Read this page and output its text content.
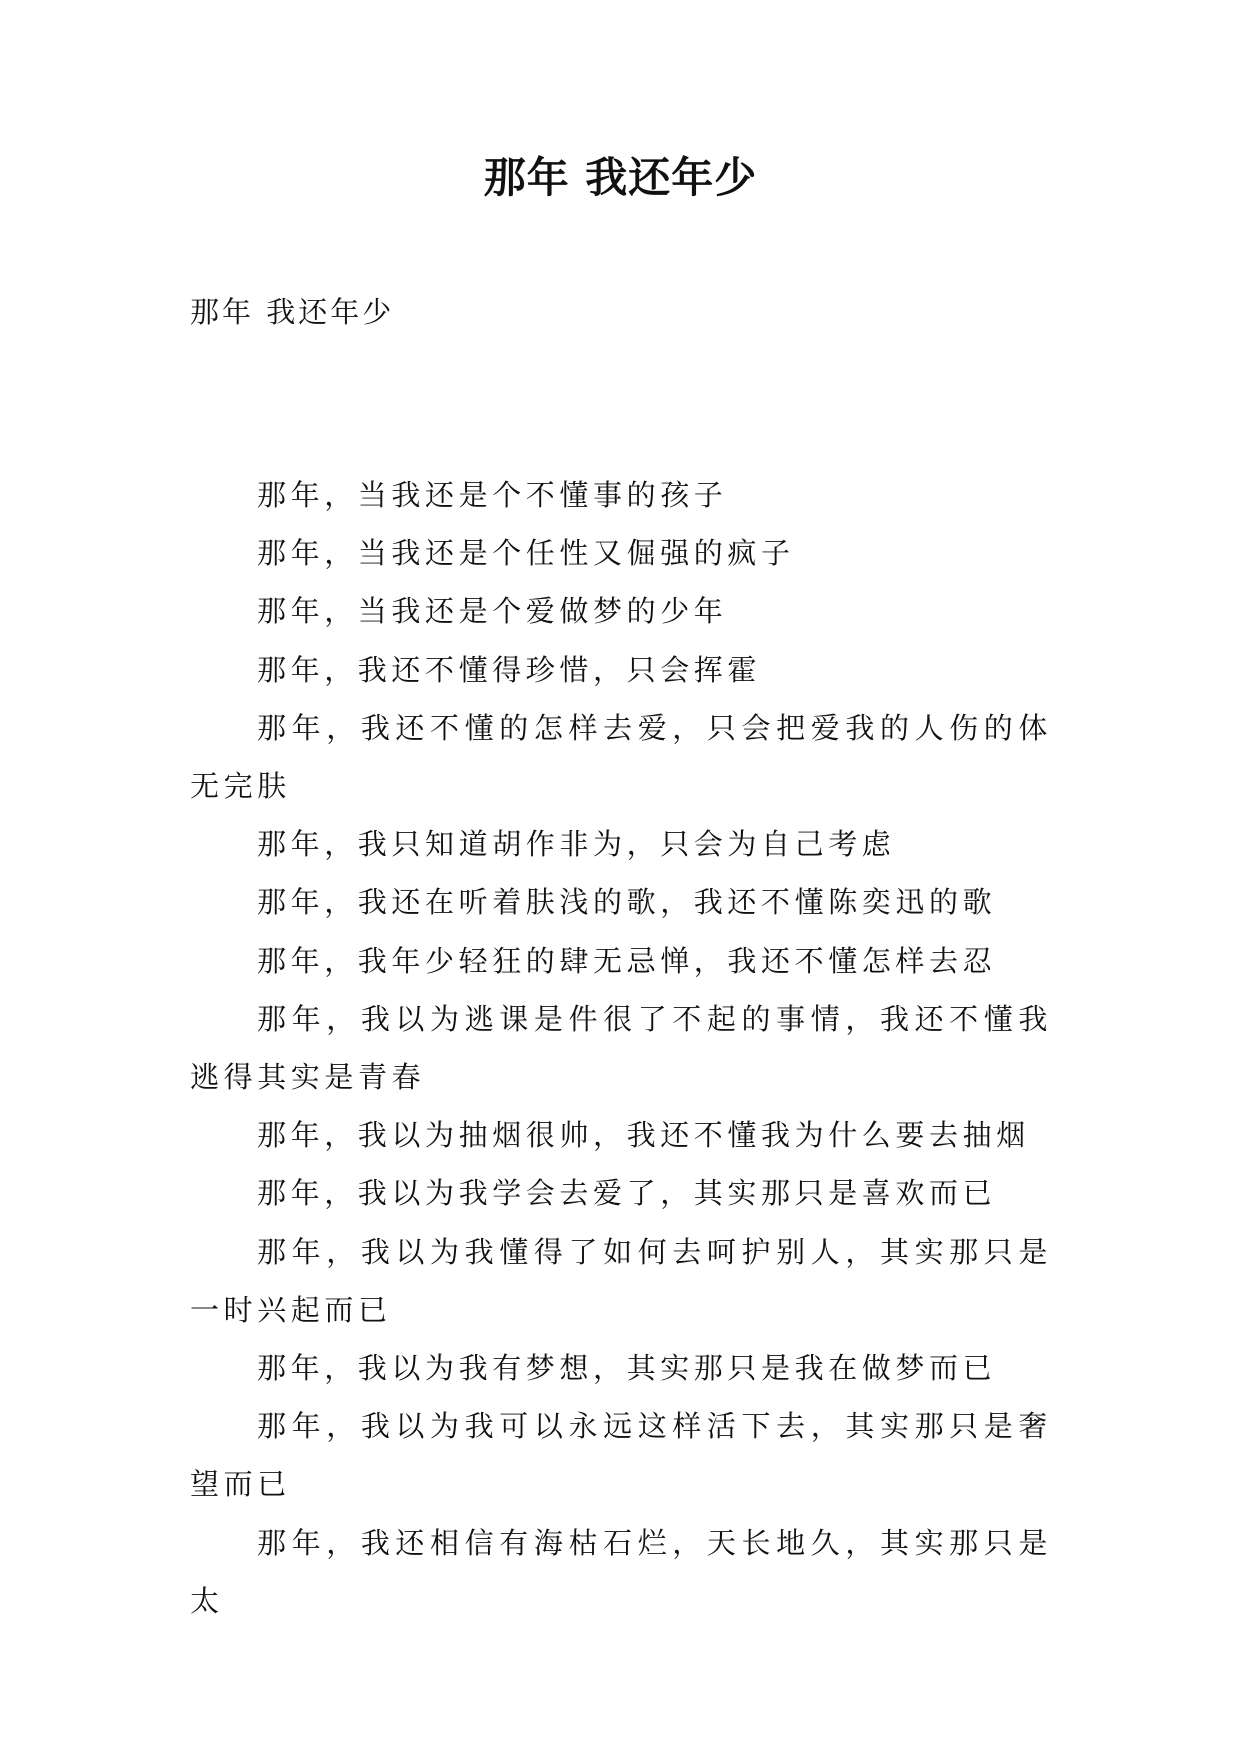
那年 我还年少

那年 我还年少

那年，当我还是个不懂事的孩子

那年，当我还是个任性又倔强的疯子

那年，当我还是个爱做梦的少年

那年，我还不懂得珍惜，只会挥霍

那年，我还不懂的怎样去爱，只会把爱我的人伤的体无完肤

那年，我只知道胡作非为，只会为自己考虑

那年，我还在听着肤浅的歌，我还不懂陈奕迅的歌

那年，我年少轻狂的肆无忌惮，我还不懂怎样去忍

那年，我以为逃课是件很了不起的事情，我还不懂我逃得其实是青春

那年，我以为抽烟很帅，我还不懂我为什么要去抽烟

那年，我以为我学会去爱了，其实那只是喜欢而已

那年，我以为我懂得了如何去呵护别人，其实那只是一时兴起而已

那年，我以为我有梦想，其实那只是我在做梦而已

那年，我以为我可以永远这样活下去，其实那只是奢望而已

那年，我还相信有海枯石烂，天长地久，其实那只是太
